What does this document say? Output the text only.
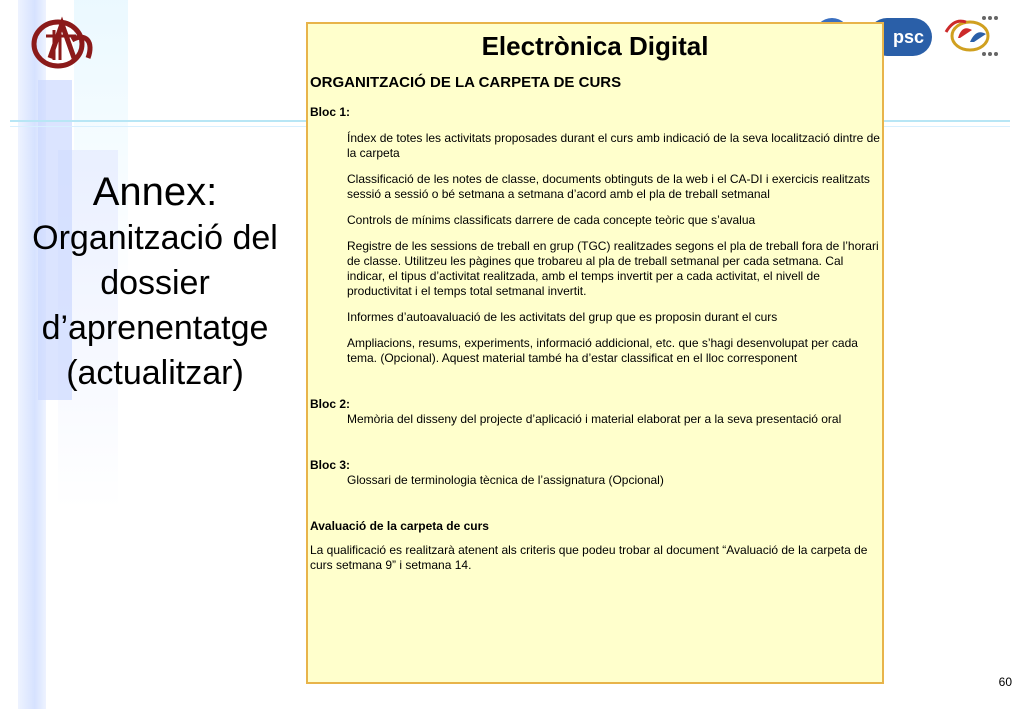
psc
Annex:
Organització del
dossier
d’aprenentatge
(actualitzar)
Electrònica Digital
ORGANITZACIÓ DE LA CARPETA DE CURS
Bloc 1:
Índex de totes les activitats proposades durant el curs amb indicació de la seva localització dintre de la carpeta
Classificació de les notes de classe, documents obtinguts de la web i el CA-DI i exercicis realitzats sessió a sessió o bé setmana a setmana d’acord amb el pla de treball setmanal
Controls de mínims classificats darrere de cada concepte teòric que s’avalua
Registre de les sessions de treball en grup (TGC) realitzades segons el pla de treball fora de l’horari de classe. Utilitzeu les pàgines que trobareu al pla de treball setmanal per cada setmana. Cal indicar, el tipus d’activitat realitzada, amb el temps invertit per a cada activitat, el nivell de productivitat i el temps total setmanal invertit.
Informes d’autoavaluació de les activitats del grup que es proposin durant el curs
Ampliacions, resums, experiments, informació addicional, etc. que s’hagi desenvolupat per cada tema. (Opcional). Aquest material també ha d’estar classificat en el lloc corresponent
Bloc 2:
Memòria del disseny del projecte d’aplicació i material elaborat per a la seva presentació oral
Bloc 3:
Glossari de terminologia tècnica de l’assignatura (Opcional)
Avaluació de la carpeta de curs
La qualificació es realitzarà atenent als criteris que podeu trobar al document “Avaluació de la carpeta de curs setmana 9” i setmana 14.
60
